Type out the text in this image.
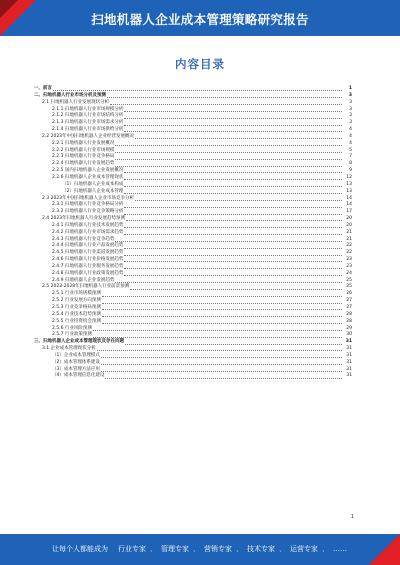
扫地机器人企业成本管理策略研究报告
内容目录
一、前言	1
二、扫地机器人行业市场分析及预测	3
2.1 扫地机器人行业发展现状分析	3
2.1.1 扫地机器人行业市场规模分析	3
2.1.2 扫地机器人行业市场结构分析	3
2.1.3 扫地机器人行业市场需求分析	3
2.1.4 扫地机器人行业市场供给分析	4
2.2 2023年中国扫地机器人企业经营发展概况	4
2.2.1 扫地机器人行业发展概况	4
2.2.2 扫地机器人行业市场规模	5
2.2.3 扫地机器人行业竞争格局	7
2.2.4 扫地机器人行业发展趋势	8
2.2.5 国内扫地机器人企业发展概况	9
2.2.6 扫地机器人企业成本管理现状	12
（1）扫地机器人企业成本构成	13
（2）扫地机器人企业成本管理	13
2.3 2023年中国扫地机器人企业市场竞争分析	14
2.3.1 扫地机器人行业竞争格局分析	14
2.3.2 扫地机器人行业竞争策略分析	17
2.4 2023年扫地机器人行业发展趋势预测	20
2.4.1 扫地机器人行业技术发展趋势	20
2.4.2 扫地机器人行业市场需求趋势	21
2.4.3 扫地机器人行业竞争趋势	21
2.4.4 扫地机器人行业产品发展趋势	22
2.4.5 扫地机器人行业渠道发展趋势	22
2.4.6 扫地机器人行业价格发展趋势	23
2.4.7 扫地机器人行业服务发展趋势	23
2.4.8 扫地机器人行业政策发展趋势	24
2.4.9 扫地机器人企业发展趋势	25
2.5 2023-2028年扫地机器人行业前景预测	25
2.5.1 行业市场规模预测	26
2.5.2 行业发展方向预测	27
2.5.3 行业竞争格局预测	27
2.5.4 行业技术趋势预测	28
2.5.5 行业投资机会预测	28
2.5.6 行业风险预测	29
2.5.7 行业政策预测	30
三、扫地机器人企业成本管理现状及存在问题	31
3.1 企业成本管理现状分析	31
（1）企业成本管理模式	31
（2）成本管理体系建设	31
（3）成本管理方法应用	31
（4）成本管理信息化建设	31
1
让每个人都能成为 行业专家 、 管理专家 、 营销专家 、 技术专家 、 运营专家 、 ……
